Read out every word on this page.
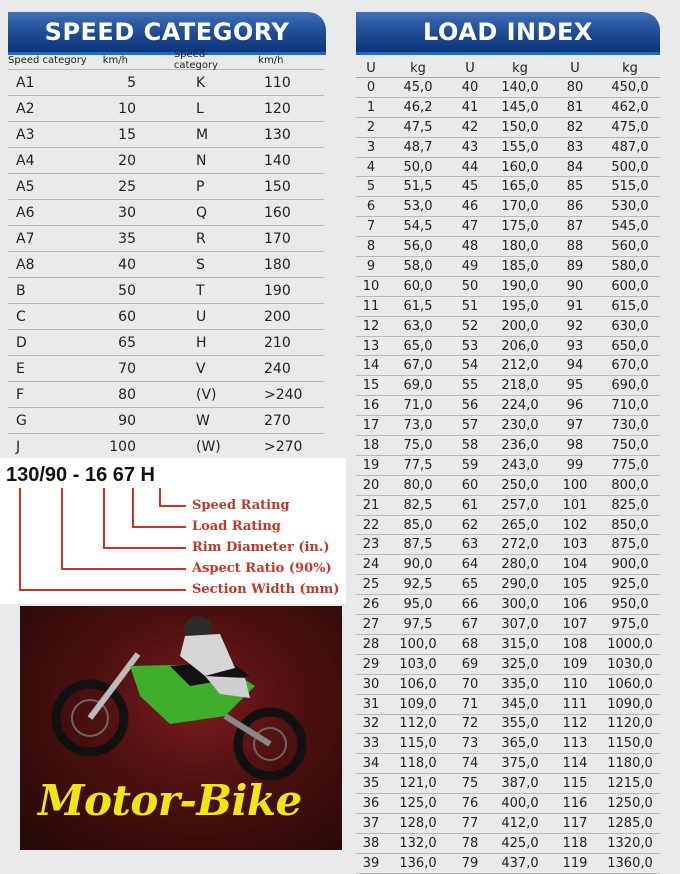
SPEED CATEGORY	LOAD INDEX
Speed category	km/h	Speed category	km/h
A1	5	K	110
A2	10	L	120
A3	15	M	130
A4	20	N	140
A5	25	P	150
A6	30	Q	160
A7	35	R	170
A8	40	S	180
B	50	T	190
C	60	U	200
D	65	H	210
E	70	V	240
F	80	(V)	>240
G	90	W	270
J	100	(W)	>270
U	kg	U	kg	U	kg
0	45,0	40	140,0	80	450,0
1	46,2	41	145,0	81	462,0
2	47,5	42	150,0	82	475,0
3	48,7	43	155,0	83	487,0
4	50,0	44	160,0	84	500,0
5	51,5	45	165,0	85	515,0
6	53,0	46	170,0	86	530,0
7	54,5	47	175,0	87	545,0
8	56,0	48	180,0	88	560,0
9	58,0	49	185,0	89	580,0
10	60,0	50	190,0	90	600,0
11	61,5	51	195,0	91	615,0
12	63,0	52	200,0	92	630,0
13	65,0	53	206,0	93	650,0
14	67,0	54	212,0	94	670,0
15	69,0	55	218,0	95	690,0
16	71,0	56	224,0	96	710,0
17	73,0	57	230,0	97	730,0
18	75,0	58	236,0	98	750,0
19	77,5	59	243,0	99	775,0
20	80,0	60	250,0	100	800,0
21	82,5	61	257,0	101	825,0
22	85,0	62	265,0	102	850,0
23	87,5	63	272,0	103	875,0
24	90,0	64	280,0	104	900,0
25	92,5	65	290,0	105	925,0
26	95,0	66	300,0	106	950,0
27	97,5	67	307,0	107	975,0
28	100,0	68	315,0	108	1000,0
29	103,0	69	325,0	109	1030,0
30	106,0	70	335,0	110	1060,0
31	109,0	71	345,0	111	1090,0
32	112,0	72	355,0	112	1120,0
33	115,0	73	365,0	113	1150,0
34	118,0	74	375,0	114	1180,0
35	121,0	75	387,0	115	1215,0
36	125,0	76	400,0	116	1250,0
37	128,0	77	412,0	117	1285,0
38	132,0	78	425,0	118	1320,0
39	136,0	79	437,0	119	1360,0
130/90 - 16 67 H
Speed Rating
Load Rating
Rim Diameter (in.)
Aspect Ratio (90%)
Section Width (mm)
Motor-Bike
